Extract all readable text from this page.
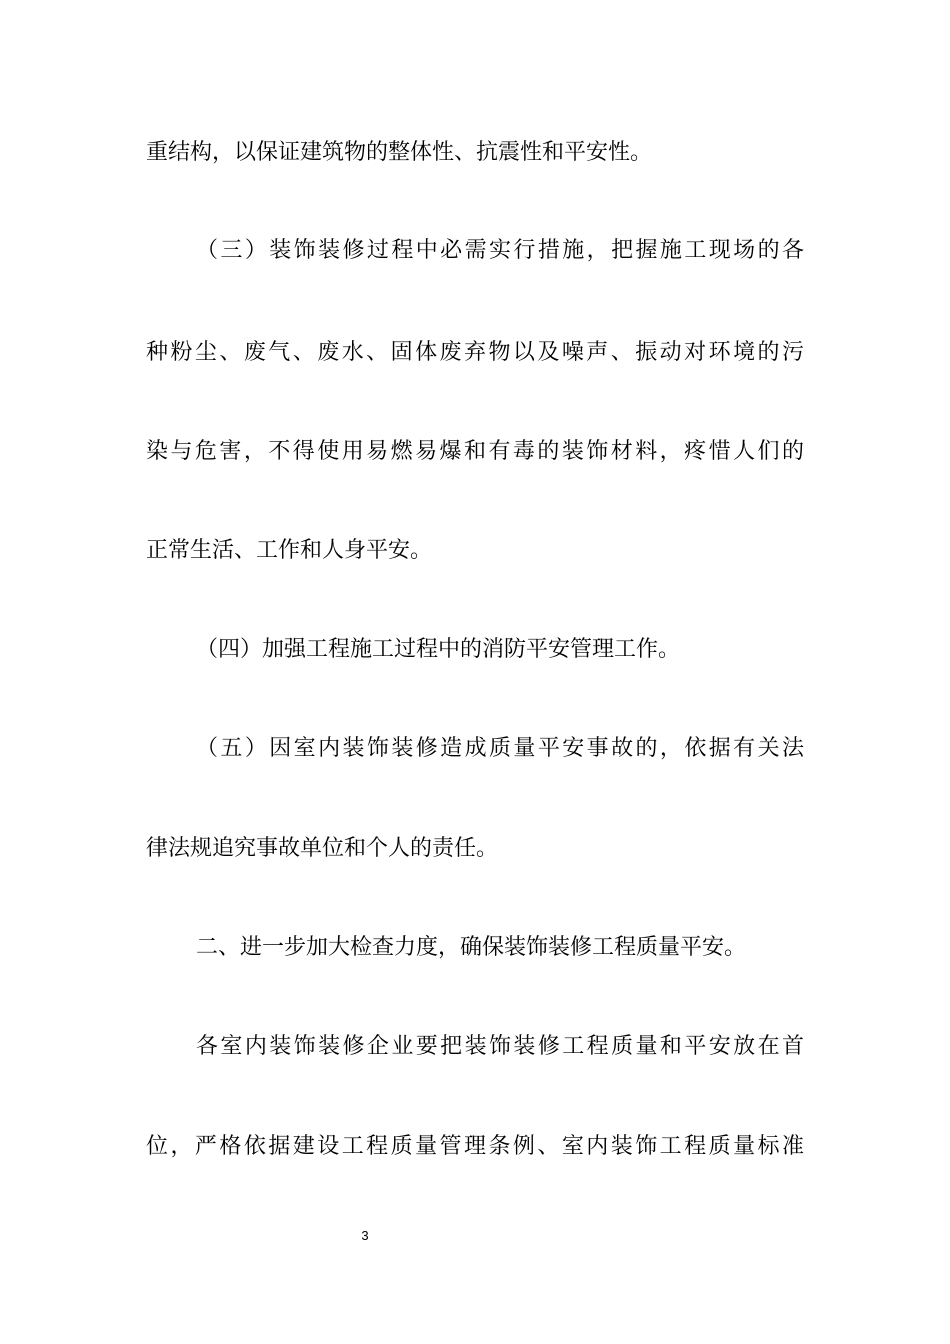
重结构，以保证建筑物的整体性、抗震性和平安性。

（三）装饰装修过程中必需实行措施，把握施工现场的各

种粉尘、废气、废水、固体废弃物以及噪声、振动对环境的污

染与危害，不得使用易燃易爆和有毒的装饰材料，疼惜人们的

正常生活、工作和人身平安。

（四）加强工程施工过程中的消防平安管理工作。

（五）因室内装饰装修造成质量平安事故的，依据有关法

律法规追究事故单位和个人的责任。

二、进一步加大检查力度，确保装饰装修工程质量平安。

各室内装饰装修企业要把装饰装修工程质量和平安放在首

位，严格依据建设工程质量管理条例、室内装饰工程质量标准

3
